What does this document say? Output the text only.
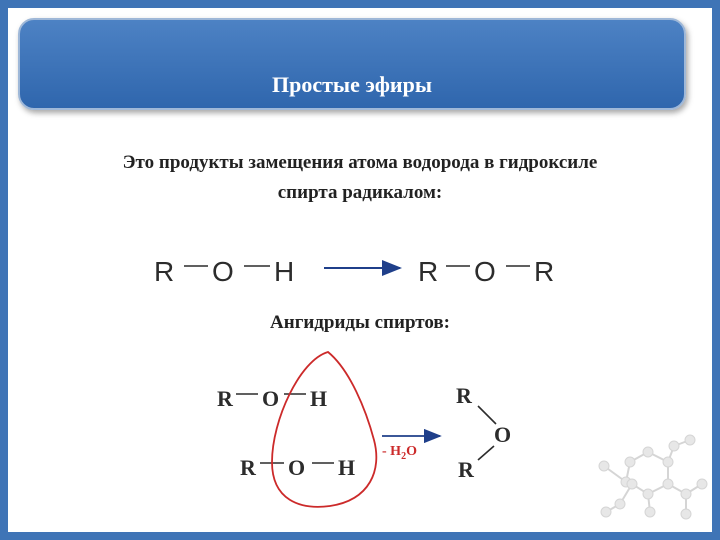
Простые эфиры
Это продукты замещения атома водорода в гидроксиле
спирта радикалом:
Ангидриды спиртов:
R O H	R O R
R O H
R O H
- $H_2O$
R
O
R
